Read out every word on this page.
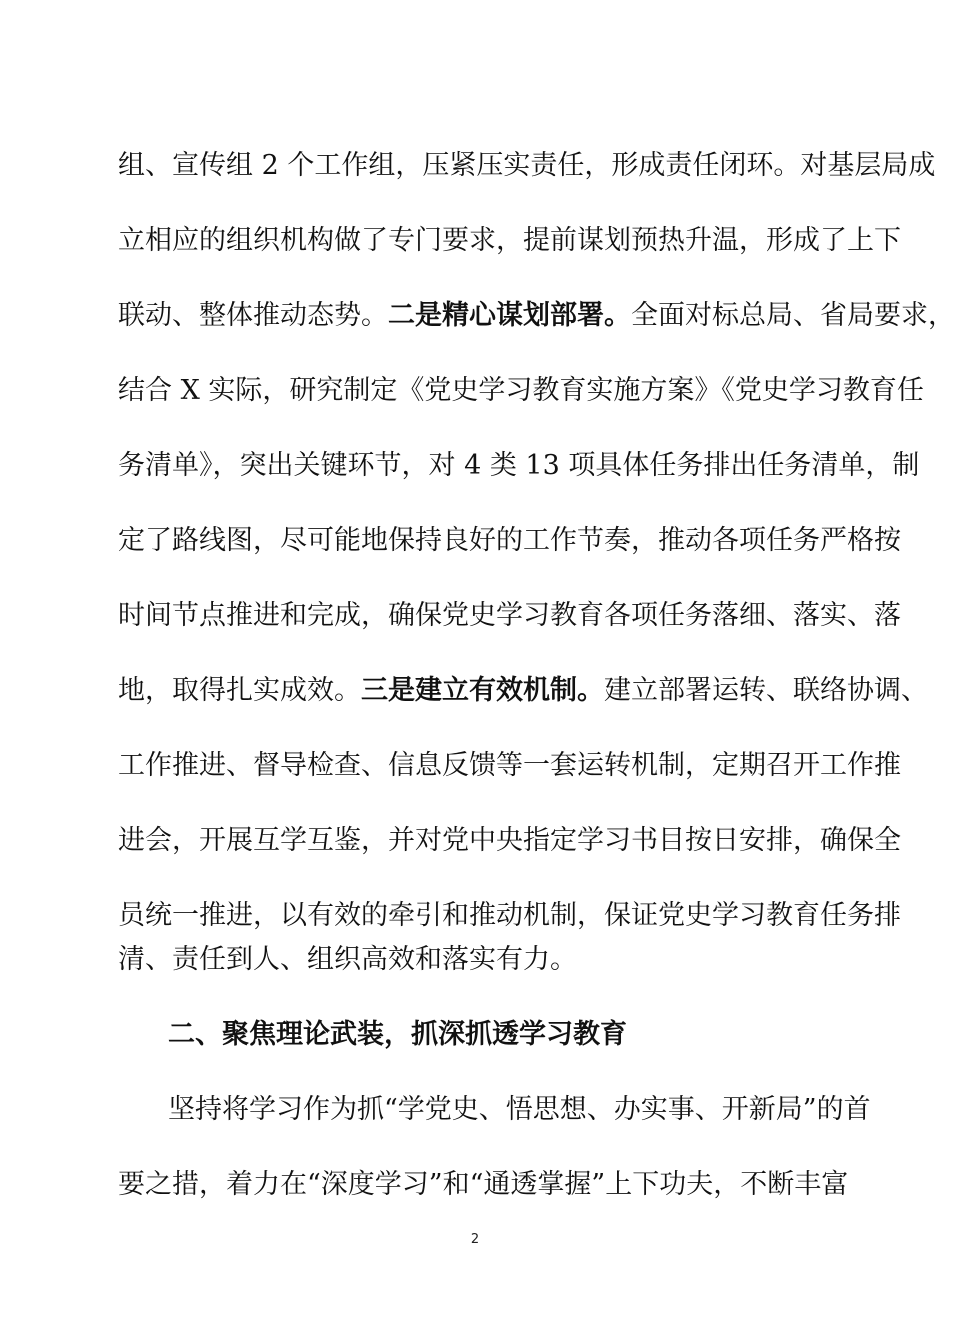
组、宣传组 2 个工作组，压紧压实责任，形成责任闭环。对基层局成
立相应的组织机构做了专门要求，提前谋划预热升温，形成了上下
联动、整体推动态势。二是精心谋划部署。全面对标总局、省局要求，
结合 X 实际，研究制定《党史学习教育实施方案》《党史学习教育任
务清单》，突出关键环节，对 4 类 13 项具体任务排出任务清单，制
定了路线图，尽可能地保持良好的工作节奏，推动各项任务严格按
时间节点推进和完成，确保党史学习教育各项任务落细、落实、落
地，取得扎实成效。三是建立有效机制。建立部署运转、联络协调、
工作推进、督导检查、信息反馈等一套运转机制，定期召开工作推
进会，开展互学互鉴，并对党中央指定学习书目按日安排，确保全
员统一推进，以有效的牵引和推动机制，保证党史学习教育任务排
清、责任到人、组织高效和落实有力。
二、聚焦理论武装，抓深抓透学习教育
坚持将学习作为抓“学党史、悟思想、办实事、开新局”的首
要之措，着力在“深度学习”和“通透掌握”上下功夫，不断丰富
2
